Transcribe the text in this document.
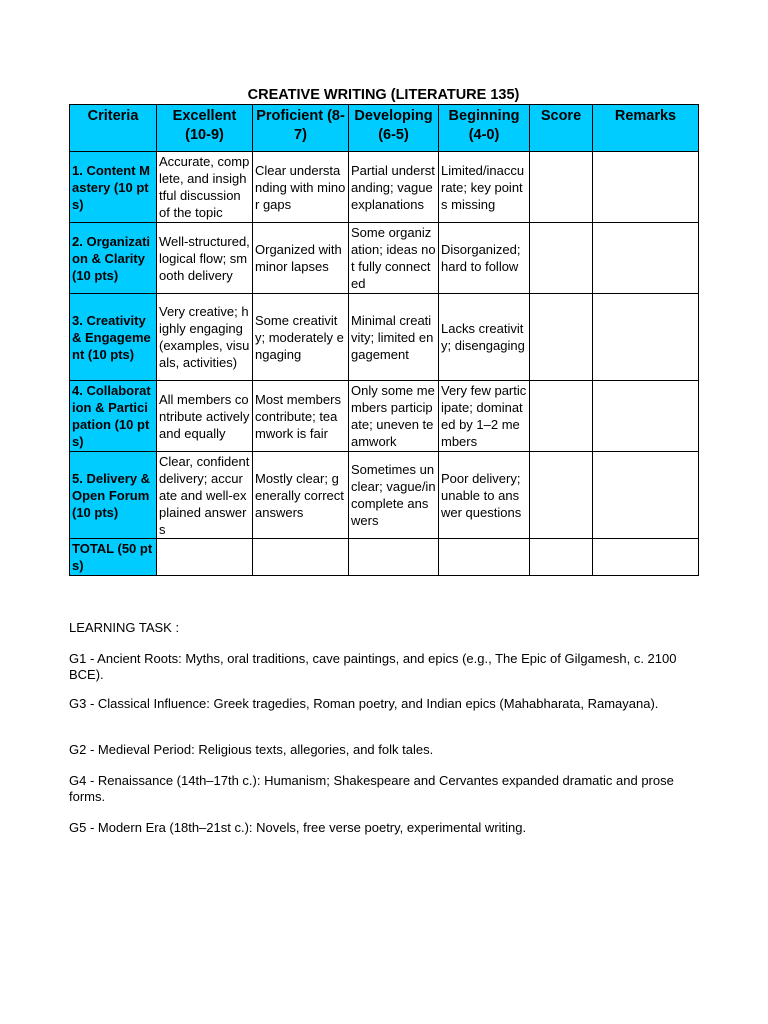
CREATIVE WRITING (LITERATURE 135)
Criteria	Excellent (10-9)	Proficient (8-7)	Developing (6-5)	Beginning (4-0)	Score	Remarks
1. Content Mastery (10 pts)	Accurate, complete, and insightful discussion of the topic	Clear understanding with minor gaps	Partial understanding; vague explanations	Limited/inaccurate; key points missing		
2. Organization & Clarity (10 pts)	Well-structured, logical flow; smooth delivery	Organized with minor lapses	Some organization; ideas not fully connected	Disorganized; hard to follow		
3. Creativity & Engagement (10 pts)	Very creative; highly engaging (examples, visuals, activities)	Some creativity; moderately engaging	Minimal creativity; limited engagement	Lacks creativity; disengaging		
4. Collaboration & Participation (10 pts)	All members contribute actively and equally	Most members contribute; teamwork is fair	Only some members participate; uneven teamwork	Very few participate; dominated by 1–2 members		
5. Delivery & Open Forum (10 pts)	Clear, confident delivery; accurate and well-explained answers	Mostly clear; generally correct answers	Sometimes unclear; vague/incomplete answers	Poor delivery; unable to answer questions		
TOTAL (50 pts)						
LEARNING TASK :
G1 - Ancient Roots: Myths, oral traditions, cave paintings, and epics (e.g., The Epic of Gilgamesh, c. 2100 BCE).
G3 - Classical Influence: Greek tragedies, Roman poetry, and Indian epics (Mahabharata, Ramayana).
G2 - Medieval Period: Religious texts, allegories, and folk tales.
G4 - Renaissance (14th–17th c.): Humanism; Shakespeare and Cervantes expanded dramatic and prose forms.
G5 - Modern Era (18th–21st c.): Novels, free verse poetry, experimental writing.
